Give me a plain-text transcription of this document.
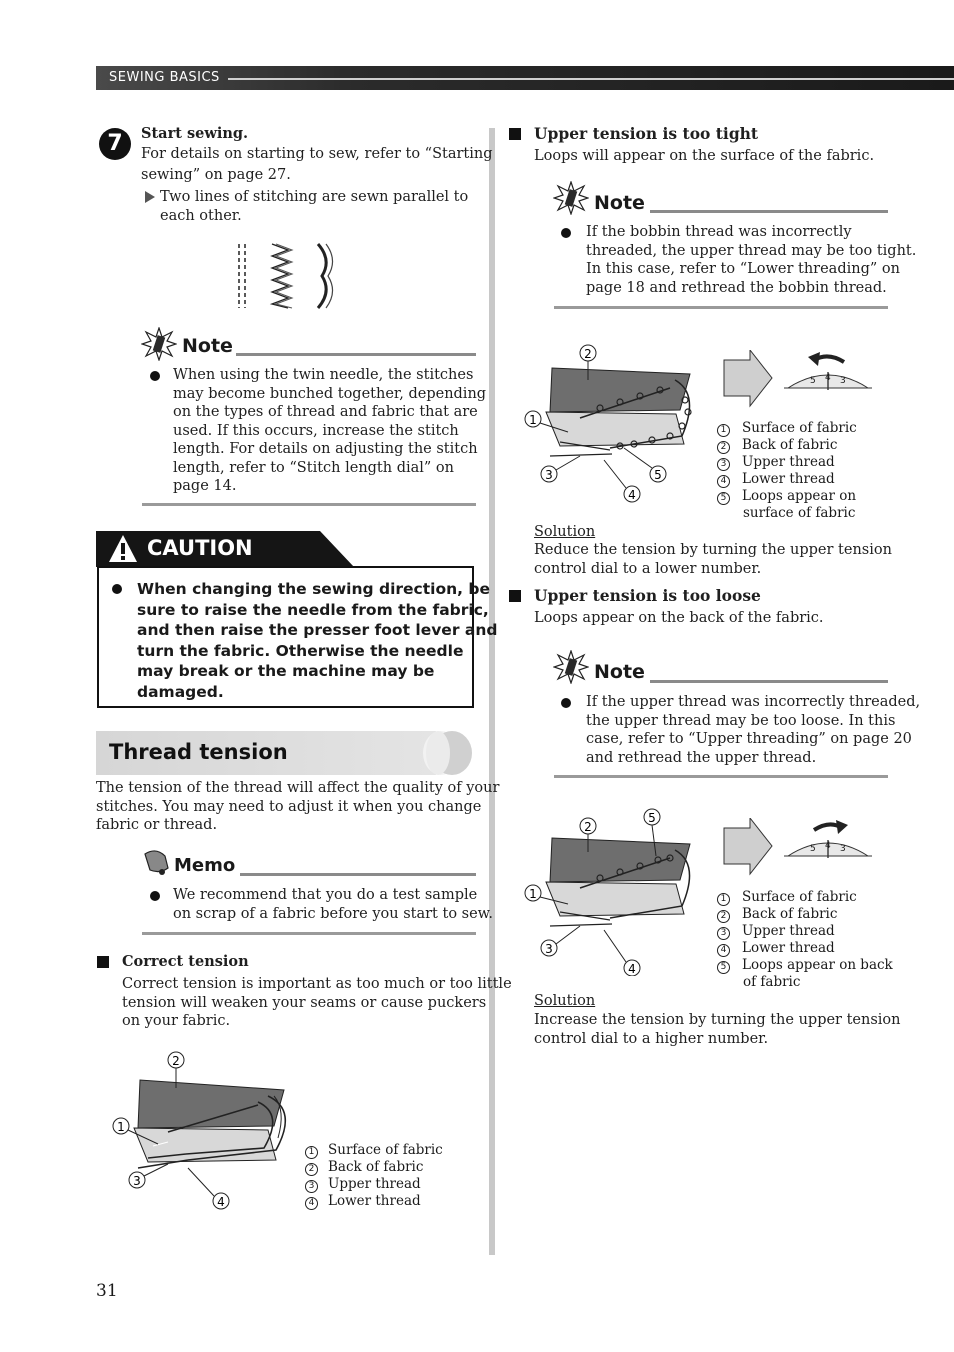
SEWING BASICS
7	Start sewing.
For details on starting to sew, refer to “Starting
sewing” on page 27.
Two lines of stitching are sewn parallel to
each other.
Note
When using the twin needle, the stitches
may become bunched together, depending
on the types of thread and fabric that are
used. If this occurs, increase the stitch
length. For details on adjusting the stitch
length, refer to “Stitch length dial” on
page 14.
CAUTION
When changing the sewing direction, be
sure to raise the needle from the fabric,
and then raise the presser foot lever and
turn the fabric. Otherwise the needle
may break or the machine may be
damaged.
Thread tension
The tension of the thread will affect the quality of your
stitches. You may need to adjust it when you change
fabric or thread.
Memo
We recommend that you do a test sample
on scrap of a fabric before you start to sew.
Correct tension
Correct tension is important as too much or too little
tension will weaken your seams or cause puckers
on your fabric.
2
1
3
4
1 Surface of fabric
2 Back of fabric
3 Upper thread
4 Lower thread
31
Upper tension is too tight
Loops will appear on the surface of the fabric.
Note
If the bobbin thread was incorrectly
threaded, the upper thread may be too tight.
In this case, refer to “Lower threading” on
page 18 and rethread the bobbin thread.
2
1
3
4
5
5 4 3
1 Surface of fabric
2 Back of fabric
3 Upper thread
4 Lower thread
5 Loops appear on
surface of fabric
Solution
Reduce the tension by turning the upper tension
control dial to a lower number.
Upper tension is too loose
Loops appear on the back of the fabric.
Note
If the upper thread was incorrectly threaded,
the upper thread may be too loose. In this
case, refer to “Upper threading” on page 20
and rethread the upper thread.
2
5
1
3
4
5 4 3
1 Surface of fabric
2 Back of fabric
3 Upper thread
4 Lower thread
5 Loops appear on back
of fabric
Solution
Increase the tension by turning the upper tension
control dial to a higher number.
